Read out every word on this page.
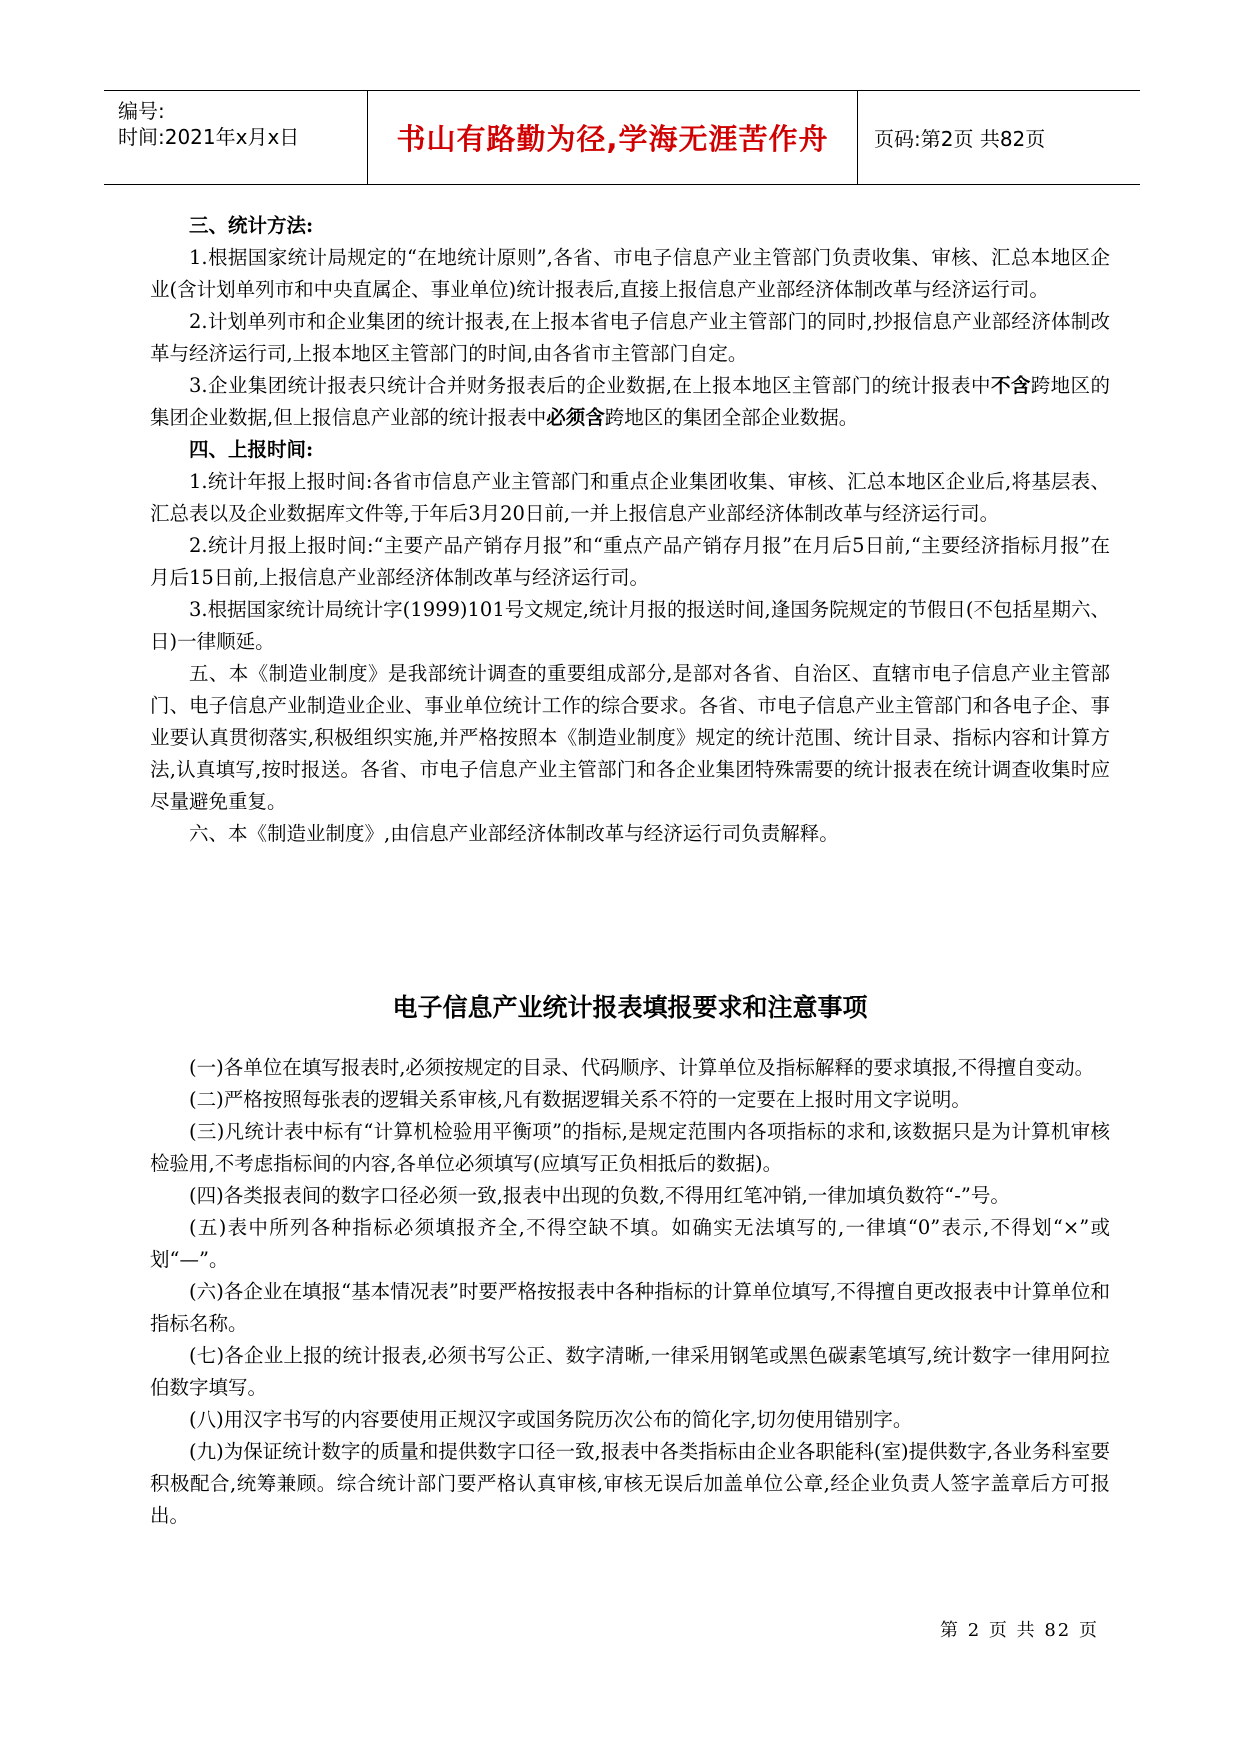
编号:
时间:2021年x月x日	书山有路勤为径,学海无涯苦作舟 页码:第2页 共82页

三、统计方法:

1.根据国家统计局规定的“在地统计原则”,各省、市电子信息产业主管部门负责收集、审核、汇总本地区企业(含计划单列市和中央直属企、事业单位)统计报表后,直接上报信息产业部经济体制改革与经济运行司。

2.计划单列市和企业集团的统计报表,在上报本省电子信息产业主管部门的同时,抄报信息产业部经济体制改革与经济运行司,上报本地区主管部门的时间,由各省市主管部门自定。

3.企业集团统计报表只统计合并财务报表后的企业数据,在上报本地区主管部门的统计报表中不含跨地区的集团企业数据,但上报信息产业部的统计报表中必须含跨地区的集团全部企业数据。

四、上报时间:

1.统计年报上报时间:各省市信息产业主管部门和重点企业集团收集、审核、汇总本地区企业后,将基层表、汇总表以及企业数据库文件等,于年后3月20日前,一并上报信息产业部经济体制改革与经济运行司。

2.统计月报上报时间:“主要产品产销存月报”和“重点产品产销存月报”在月后5日前,“主要经济指标月报”在月后15日前,上报信息产业部经济体制改革与经济运行司。

3.根据国家统计局统计字(1999)101号文规定,统计月报的报送时间,逢国务院规定的节假日(不包括星期六、日)一律顺延。

五、本《制造业制度》是我部统计调查的重要组成部分,是部对各省、自治区、直辖市电子信息产业主管部门、电子信息产业制造业企业、事业单位统计工作的综合要求。各省、市电子信息产业主管部门和各电子企、事业要认真贯彻落实,积极组织实施,并严格按照本《制造业制度》规定的统计范围、统计目录、指标内容和计算方法,认真填写,按时报送。各省、市电子信息产业主管部门和各企业集团特殊需要的统计报表在统计调查收集时应尽量避免重复。

六、本《制造业制度》,由信息产业部经济体制改革与经济运行司负责解释。

电子信息产业统计报表填报要求和注意事项

(一)各单位在填写报表时,必须按规定的目录、代码顺序、计算单位及指标解释的要求填报,不得擅自变动。

(二)严格按照每张表的逻辑关系审核,凡有数据逻辑关系不符的一定要在上报时用文字说明。

(三)凡统计表中标有“计算机检验用平衡项”的指标,是规定范围内各项指标的求和,该数据只是为计算机审核检验用,不考虑指标间的内容,各单位必须填写(应填写正负相抵后的数据)。

(四)各类报表间的数字口径必须一致,报表中出现的负数,不得用红笔冲销,一律加填负数符“-”号。

(五)表中所列各种指标必须填报齐全,不得空缺不填。如确实无法填写的,一律填“0”表示,不得划“×”或划“—”。

(六)各企业在填报“基本情况表”时要严格按报表中各种指标的计算单位填写,不得擅自更改报表中计算单位和指标名称。

(七)各企业上报的统计报表,必须书写公正、数字清晰,一律采用钢笔或黑色碳素笔填写,统计数字一律用阿拉伯数字填写。

(八)用汉字书写的内容要使用正规汉字或国务院历次公布的简化字,切勿使用错别字。

(九)为保证统计数字的质量和提供数字口径一致,报表中各类指标由企业各职能科(室)提供数字,各业务科室要积极配合,统筹兼顾。综合统计部门要严格认真审核,审核无误后加盖单位公章,经企业负责人签字盖章后方可报出。

第 2 页 共 82 页
